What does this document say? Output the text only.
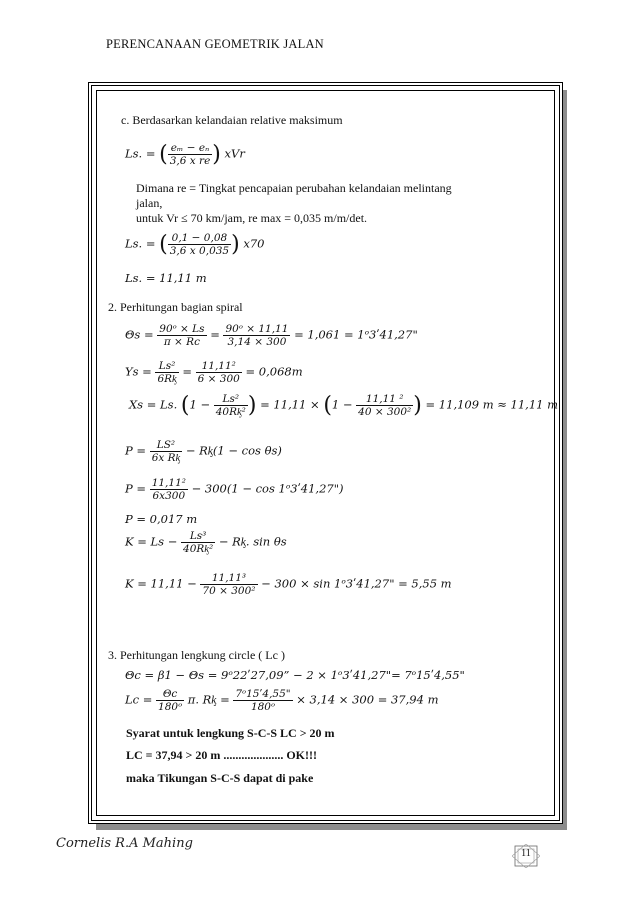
PERENCANAAN GEOMETRIK JALAN
c. Berdasarkan kelandaian relative maksimum
Ls. = ( $\frac{\text{eₘ − eₙ}}{\text{3,6 x re}}$ ) xVr
Dimana re = Tingkat pencapaian perubahan kelandaian melintang
jalan,
untuk Vr ≤ 70 km/jam, re max = 0,035 m/m/det.
Ls. = ( $\frac{0,1 - 0,08}{3,6 x 0,035}$ ) x70
Ls. = 11,11 m
2. Perhitungan bagian spiral
$\Theta s = \frac{\text{90ᵒ × Ls}}{\pi \times Rc} = \frac{\text{90ᵒ × 11,11}}{3,14 \times 300} = 1,061$ = 1ᵒ3ʹ41,27"
$Ys = \frac{\text{Ls²}}{\text{6Rᶄ}} = \frac{\text{11,11²}}{6 \times 300} = 0,068m$
Xs = Ls. ($1 - \frac{\text{Ls²}}{\text{40Rᶄ²}}$ ) = $11,11 \times (1 - \frac{\text{11,11 ²}}{\text{40 × 300²}}$ ) = 11,109 m ≈ 11,11 m
$P = \frac{\text{LS²}}{\text{6x Rᶄ}}$ − Rᶄ(1 − cos θs)
$P = \frac{\text{11,11²}}{6x300} - 300(1 - \cos$ 1ᵒ3ʹ41,27")
P = 0,017 m
$K = Ls - \frac{\text{Ls³}}{\text{40Rᶄ²}}$ − Rᶄ. sin θs
$K = 11,11 - \frac{\text{11,11³}}{\text{70 × 300²}} - 300 \times \sin$ 1ᵒ3ʹ41,27" = 5,55 m
3. Perhitungan lengkung circle ( Lc )
Θc = β1 − Θs = 9ᵒ22ʹ27,09” − 2 × 1ᵒ3ʹ41,27"= 7ᵒ15ʹ4,55"
$Lc = \frac{\Theta c}{\text{180ᵒ}} \pi$. Rᶄ = $\frac{\text{7ᵒ15ʹ4,55"}}{\text{180ᵒ}} \times 3,14 \times 300 = 37,94$ m
Syarat untuk lengkung S-C-S LC > 20 m
LC = 37,94 > 20 m .................... OK!!!
maka Tikungan S-C-S dapat di pake
Cornelis R.A Mahing
11
